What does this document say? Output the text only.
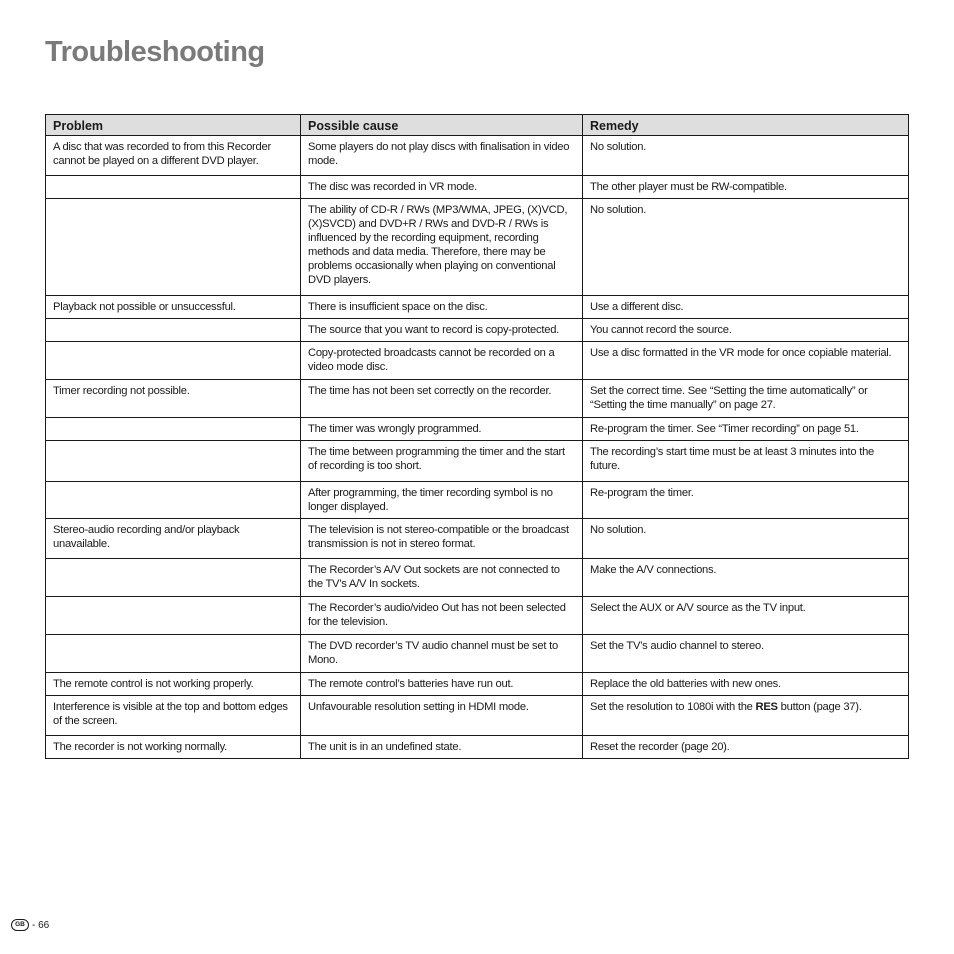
Troubleshooting
Problem	Possible cause	Remedy
A disc that was recorded to from this Recorder cannot be played on a different DVD player.	Some players do not play discs with finalisation in video mode.	No solution.
	The disc was recorded in VR mode.	The other player must be RW-compatible.
	The ability of CD-R / RWs (MP3/WMA, JPEG, (X)VCD, (X)SVCD) and DVD+R / RWs and DVD-R / RWs is influenced by the recording equipment, recording methods and data media. Therefore, there may be problems occasionally when playing on conventional DVD players.	No solution.
Playback not possible or unsuccessful.	There is insufficient space on the disc.	Use a different disc.
	The source that you want to record is copy-protected.	You cannot record the source.
	Copy-protected broadcasts cannot be recorded on a video mode disc.	Use a disc formatted in the VR mode for once copiable material.
Timer recording not possible.	The time has not been set correctly on the recorder.	Set the correct time. See “Setting the time automatically” or “Setting the time manually” on page 27.
	The timer was wrongly programmed.	Re-program the timer. See “Timer recording” on page 51.
	The time between programming the timer and the start of recording is too short.	The recording’s start time must be at least 3 minutes into the future.
	After programming, the timer recording symbol is no longer displayed.	Re-program the timer.
Stereo-audio recording and/or playback unavailable.	The television is not stereo-compatible or the broadcast transmission is not in stereo format.	No solution.
	The Recorder’s A/V Out sockets are not connected to the TV’s A/V In sockets.	Make the A/V connections.
	The Recorder’s audio/video Out has not been selected for the television.	Select the AUX or A/V source as the TV input.
	The DVD recorder’s TV audio channel must be set to Mono.	Set the TV’s audio channel to stereo.
The remote control is not working properly.	The remote control’s batteries have run out.	Replace the old batteries with new ones.
Interference is visible at the top and bottom edges of the screen.	Unfavourable resolution setting in HDMI mode.	Set the resolution to 1080i with the RES button (page 37).
The recorder is not working normally.	The unit is in an undefined state.	Reset the recorder (page 20).
GB - 66
